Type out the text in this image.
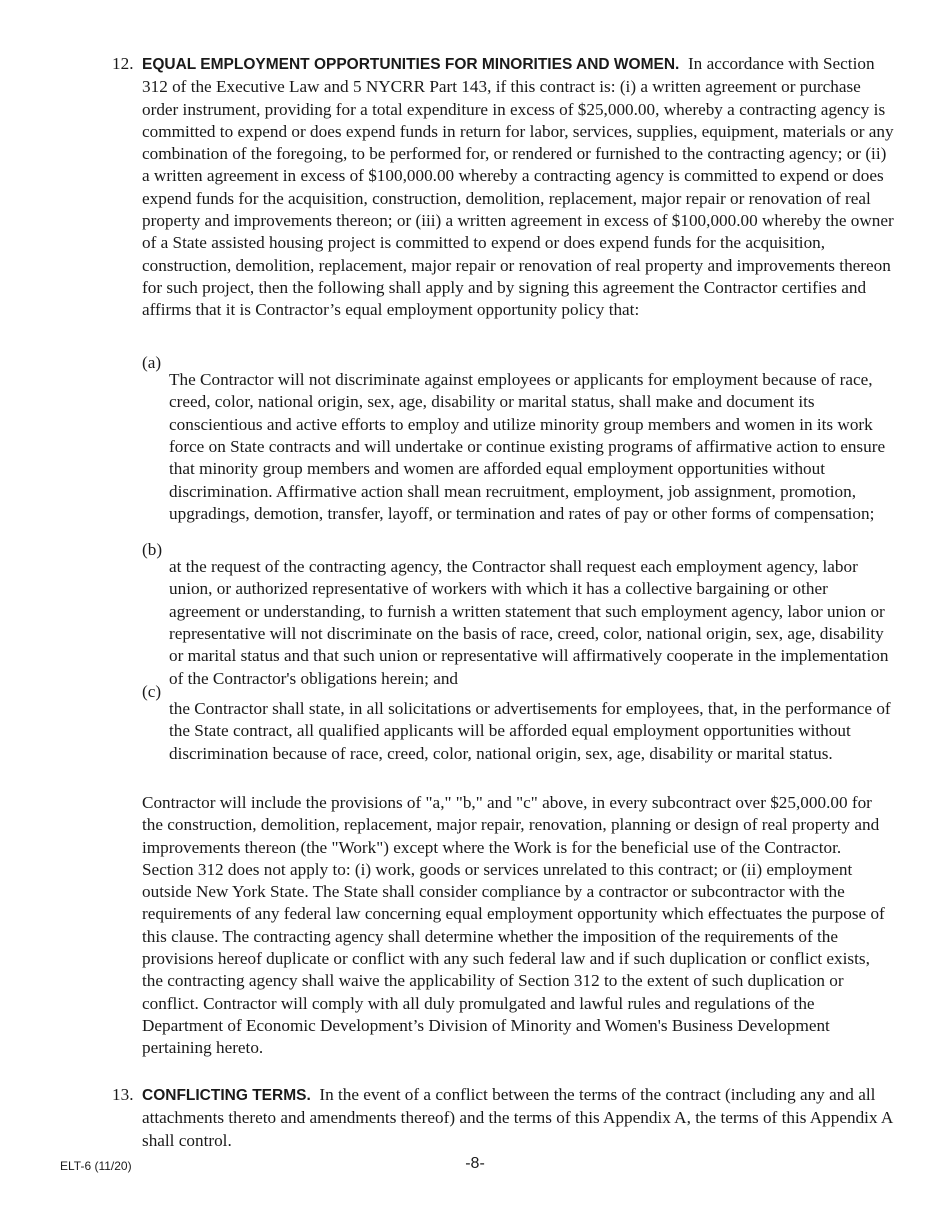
12. EQUAL EMPLOYMENT OPPORTUNITIES FOR MINORITIES AND WOMEN. In accordance with Section 312 of the Executive Law and 5 NYCRR Part 143, if this contract is: (i) a written agreement or purchase order instrument, providing for a total expenditure in excess of $25,000.00, whereby a contracting agency is committed to expend or does expend funds in return for labor, services, supplies, equipment, materials or any combination of the foregoing, to be performed for, or rendered or furnished to the contracting agency; or (ii) a written agreement in excess of $100,000.00 whereby a contracting agency is committed to expend or does expend funds for the acquisition, construction, demolition, replacement, major repair or renovation of real property and improvements thereon; or (iii) a written agreement in excess of $100,000.00 whereby the owner of a State assisted housing project is committed to expend or does expend funds for the acquisition, construction, demolition, replacement, major repair or renovation of real property and improvements thereon for such project, then the following shall apply and by signing this agreement the Contractor certifies and affirms that it is Contractor’s equal employment opportunity policy that:

(a)

The Contractor will not discriminate against employees or applicants for employment because of race, creed, color, national origin, sex, age, disability or marital status, shall make and document its conscientious and active efforts to employ and utilize minority group members and women in its work force on State contracts and will undertake or continue existing programs of affirmative action to ensure that minority group members and women are afforded equal employment opportunities without discrimination. Affirmative action shall mean recruitment, employment, job assignment, promotion, upgradings, demotion, transfer, layoff, or termination and rates of pay or other forms of compensation;

(b)

at the request of the contracting agency, the Contractor shall request each employment agency, labor union, or authorized representative of workers with which it has a collective bargaining or other agreement or understanding, to furnish a written statement that such employment agency, labor union or representative will not discriminate on the basis of race, creed, color, national origin, sex, age, disability or marital status and that such union or representative will affirmatively cooperate in the implementation of the Contractor's obligations herein; and

(c)

the Contractor shall state, in all solicitations or advertisements for employees, that, in the performance of the State contract, all qualified applicants will be afforded equal employment opportunities without discrimination because of race, creed, color, national origin, sex, age, disability or marital status.

Contractor will include the provisions of "a," "b," and "c" above, in every subcontract over $25,000.00 for the construction, demolition, replacement, major repair, renovation, planning or design of real property and improvements thereon (the "Work") except where the Work is for the beneficial use of the Contractor. Section 312 does not apply to: (i) work, goods or services unrelated to this contract; or (ii) employment outside New York State. The State shall consider compliance by a contractor or subcontractor with the requirements of any federal law concerning equal employment opportunity which effectuates the purpose of this clause. The contracting agency shall determine whether the imposition of the requirements of the provisions hereof duplicate or conflict with any such federal law and if such duplication or conflict exists, the contracting agency shall waive the applicability of Section 312 to the extent of such duplication or conflict. Contractor will comply with all duly promulgated and lawful rules and regulations of the Department of Economic Development’s Division of Minority and Women's Business Development pertaining hereto.

13. CONFLICTING TERMS. In the event of a conflict between the terms of the contract (including any and all attachments thereto and amendments thereof) and the terms of this Appendix A, the terms of this Appendix A shall control.

ELT-6 (11/20)	-8-
